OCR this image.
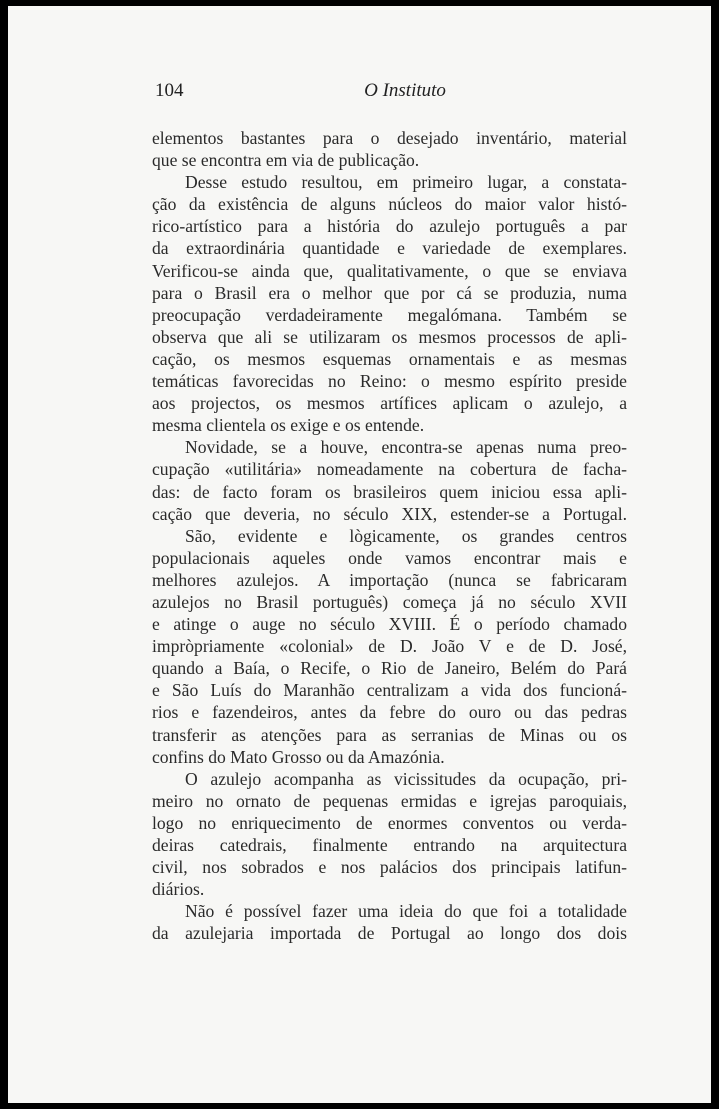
104	O Instituto
elementos bastantes para o desejado inventário, material
que se encontra em via de publicação.
Desse estudo resultou, em primeiro lugar, a constata-
ção da existência de alguns núcleos do maior valor histó-
rico-artístico para a história do azulejo português a par
da extraordinária quantidade e variedade de exemplares.
Verificou-se ainda que, qualitativamente, o que se enviava
para o Brasil era o melhor que por cá se produzia, numa
preocupação verdadeiramente megalómana. Também se
observa que ali se utilizaram os mesmos processos de apli-
cação, os mesmos esquemas ornamentais e as mesmas
temáticas favorecidas no Reino: o mesmo espírito preside
aos projectos, os mesmos artífices aplicam o azulejo, a
mesma clientela os exige e os entende.
Novidade, se a houve, encontra-se apenas numa preo-
cupação «utilitária» nomeadamente na cobertura de facha-
das: de facto foram os brasileiros quem iniciou essa apli-
cação que deveria, no século XIX, estender-se a Portugal.
São, evidente e lògicamente, os grandes centros
populacionais aqueles onde vamos encontrar mais e
melhores azulejos. A importação (nunca se fabricaram
azulejos no Brasil português) começa já no século XVII
e atinge o auge no século XVIII. É o período chamado
impròpriamente «colonial» de D. João V e de D. José,
quando a Baía, o Recife, o Rio de Janeiro, Belém do Pará
e São Luís do Maranhão centralizam a vida dos funcioná-
rios e fazendeiros, antes da febre do ouro ou das pedras
transferir as atenções para as serranias de Minas ou os
confins do Mato Grosso ou da Amazónia.
O azulejo acompanha as vicissitudes da ocupação, pri-
meiro no ornato de pequenas ermidas e igrejas paroquiais,
logo no enriquecimento de enormes conventos ou verda-
deiras catedrais, finalmente entrando na arquitectura
civil, nos sobrados e nos palácios dos principais latifun-
diários.
Não é possível fazer uma ideia do que foi a totalidade
da azulejaria importada de Portugal ao longo dos dois
